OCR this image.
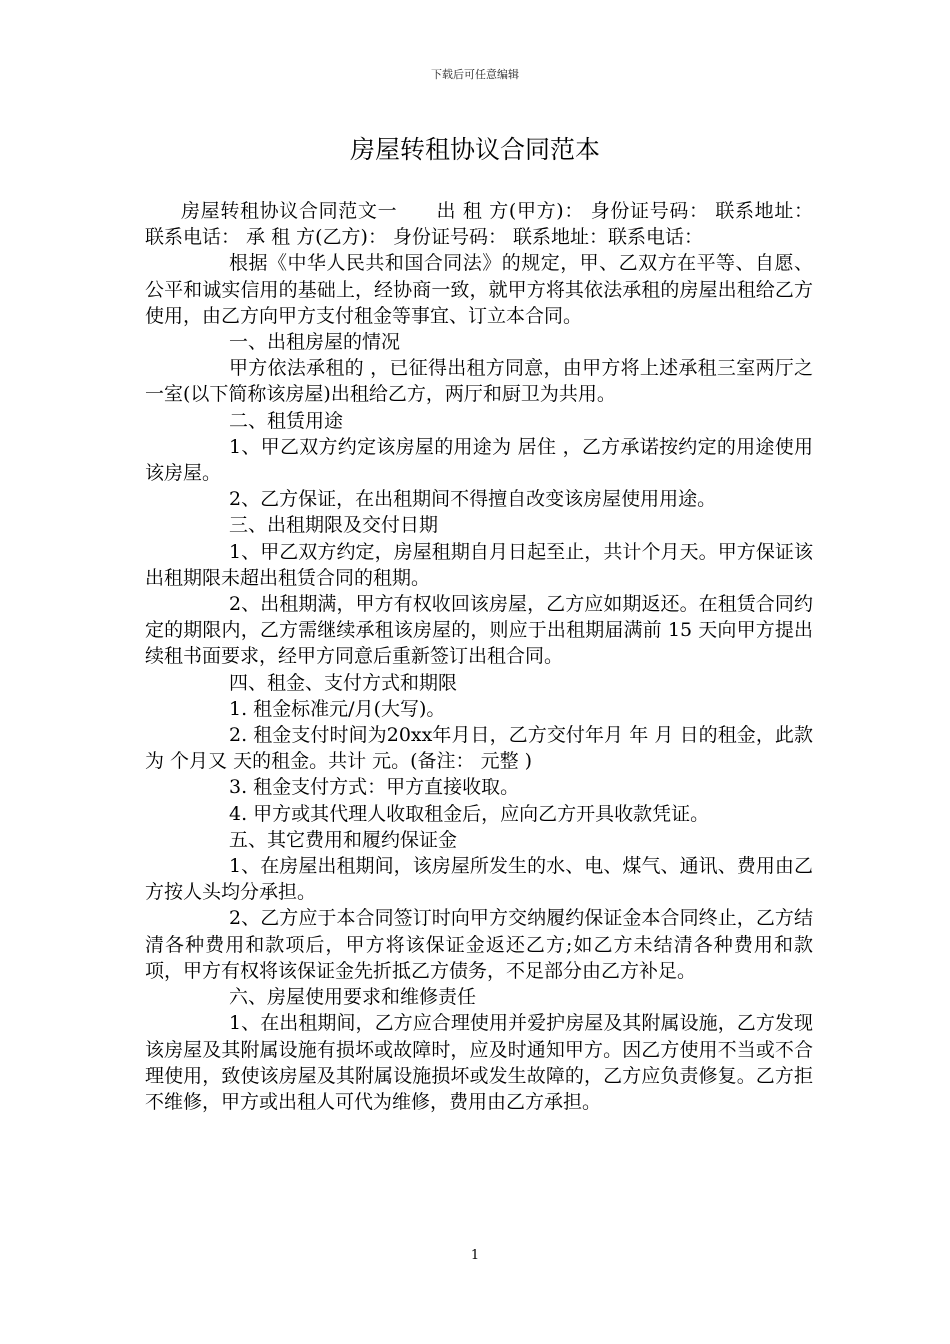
下载后可任意编辑
房屋转租协议合同范本

房屋转租协议合同范文一　　出 租 方(甲方)： 身份证号码： 联系地址： 联系电话： 承 租 方(乙方)： 身份证号码： 联系地址：联系电话：

根据《中华人民共和国合同法》的规定，甲、乙双方在平等、自愿、公平和诚实信用的基础上，经协商一致，就甲方将其依法承租的房屋出租给乙方使用，由乙方向甲方支付租金等事宜、订立本合同。

一、出租房屋的情况

甲方依法承租的 ，已征得出租方同意，由甲方将上述承租三室两厅之一室(以下简称该房屋)出租给乙方，两厅和厨卫为共用。

二、租赁用途

1、甲乙双方约定该房屋的用途为 居住 ，乙方承诺按约定的用途使用该房屋。

2、乙方保证，在出租期间不得擅自改变该房屋使用用途。

三、出租期限及交付日期

1、甲乙双方约定，房屋租期自月日起至止，共计个月天。甲方保证该出租期限未超出租赁合同的租期。

2、出租期满，甲方有权收回该房屋，乙方应如期返还。在租赁合同约定的期限内，乙方需继续承租该房屋的，则应于出租期届满前 15 天向甲方提出续租书面要求，经甲方同意后重新签订出租合同。

四、租金、支付方式和期限

1. 租金标准元/月(大写)。

2. 租金支付时间为20xx年月日，乙方交付年月 年 月 日的租金，此款为 个月又 天的租金。共计 元。(备注： 元整 )

3. 租金支付方式：甲方直接收取。

4. 甲方或其代理人收取租金后，应向乙方开具收款凭证。

五、其它费用和履约保证金

1、在房屋出租期间，该房屋所发生的水、电、煤气、通讯、费用由乙方按人头均分承担。

2、乙方应于本合同签订时向甲方交纳履约保证金本合同终止，乙方结清各种费用和款项后，甲方将该保证金返还乙方;如乙方未结清各种费用和款项，甲方有权将该保证金先折抵乙方债务，不足部分由乙方补足。

六、房屋使用要求和维修责任

1、在出租期间，乙方应合理使用并爱护房屋及其附属设施，乙方发现该房屋及其附属设施有损坏或故障时，应及时通知甲方。因乙方使用不当或不合理使用，致使该房屋及其附属设施损坏或发生故障的，乙方应负责修复。乙方拒不维修，甲方或出租人可代为维修，费用由乙方承担。

1
